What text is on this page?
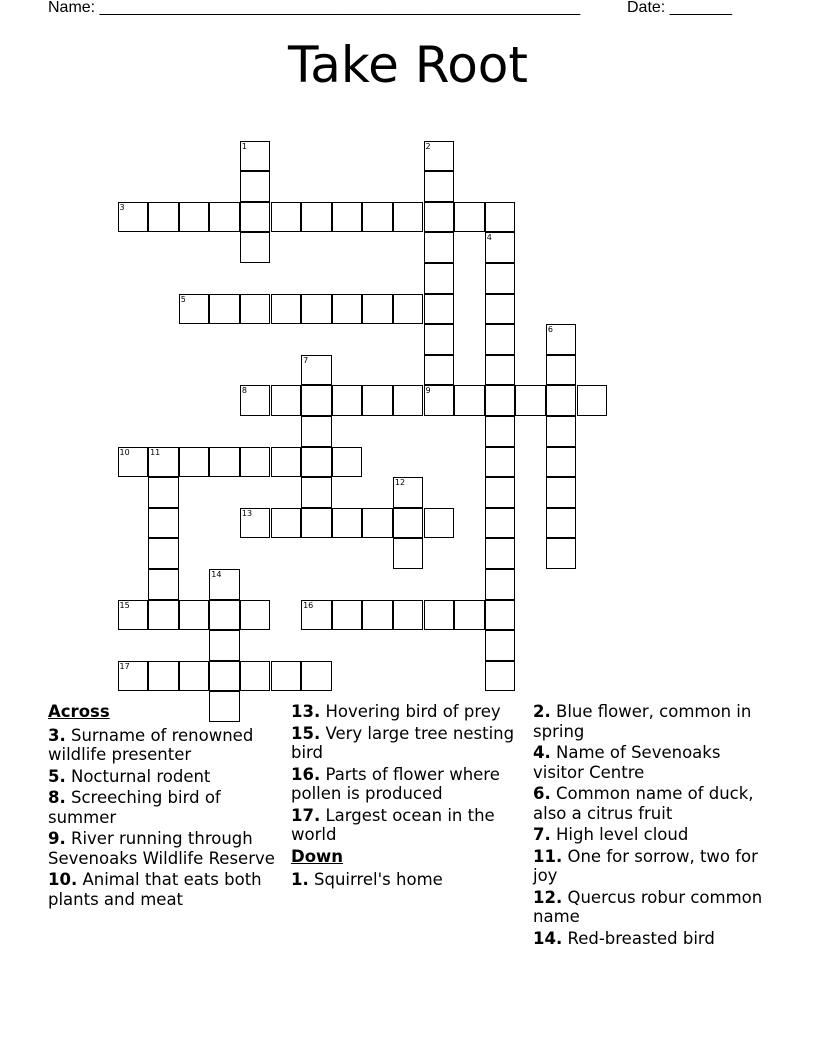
Name: ______________________________________________________	Date: _______
Take Root
1	2
3
4
5
6
7
8	9
10	11
12
13
14
15	16
17
Across
3. Surname of renowned wildlife presenter
5. Nocturnal rodent
8. Screeching bird of summer
9. River running through Sevenoaks Wildlife Reserve
10. Animal that eats both plants and meat
13. Hovering bird of prey
15. Very large tree nesting bird
16. Parts of flower where pollen is produced
17. Largest ocean in the world
Down
1. Squirrel's home
2. Blue flower, common in spring
4. Name of Sevenoaks visitor Centre
6. Common name of duck, also a citrus fruit
7. High level cloud
11. One for sorrow, two for joy
12. Quercus robur common name
14. Red-breasted bird
